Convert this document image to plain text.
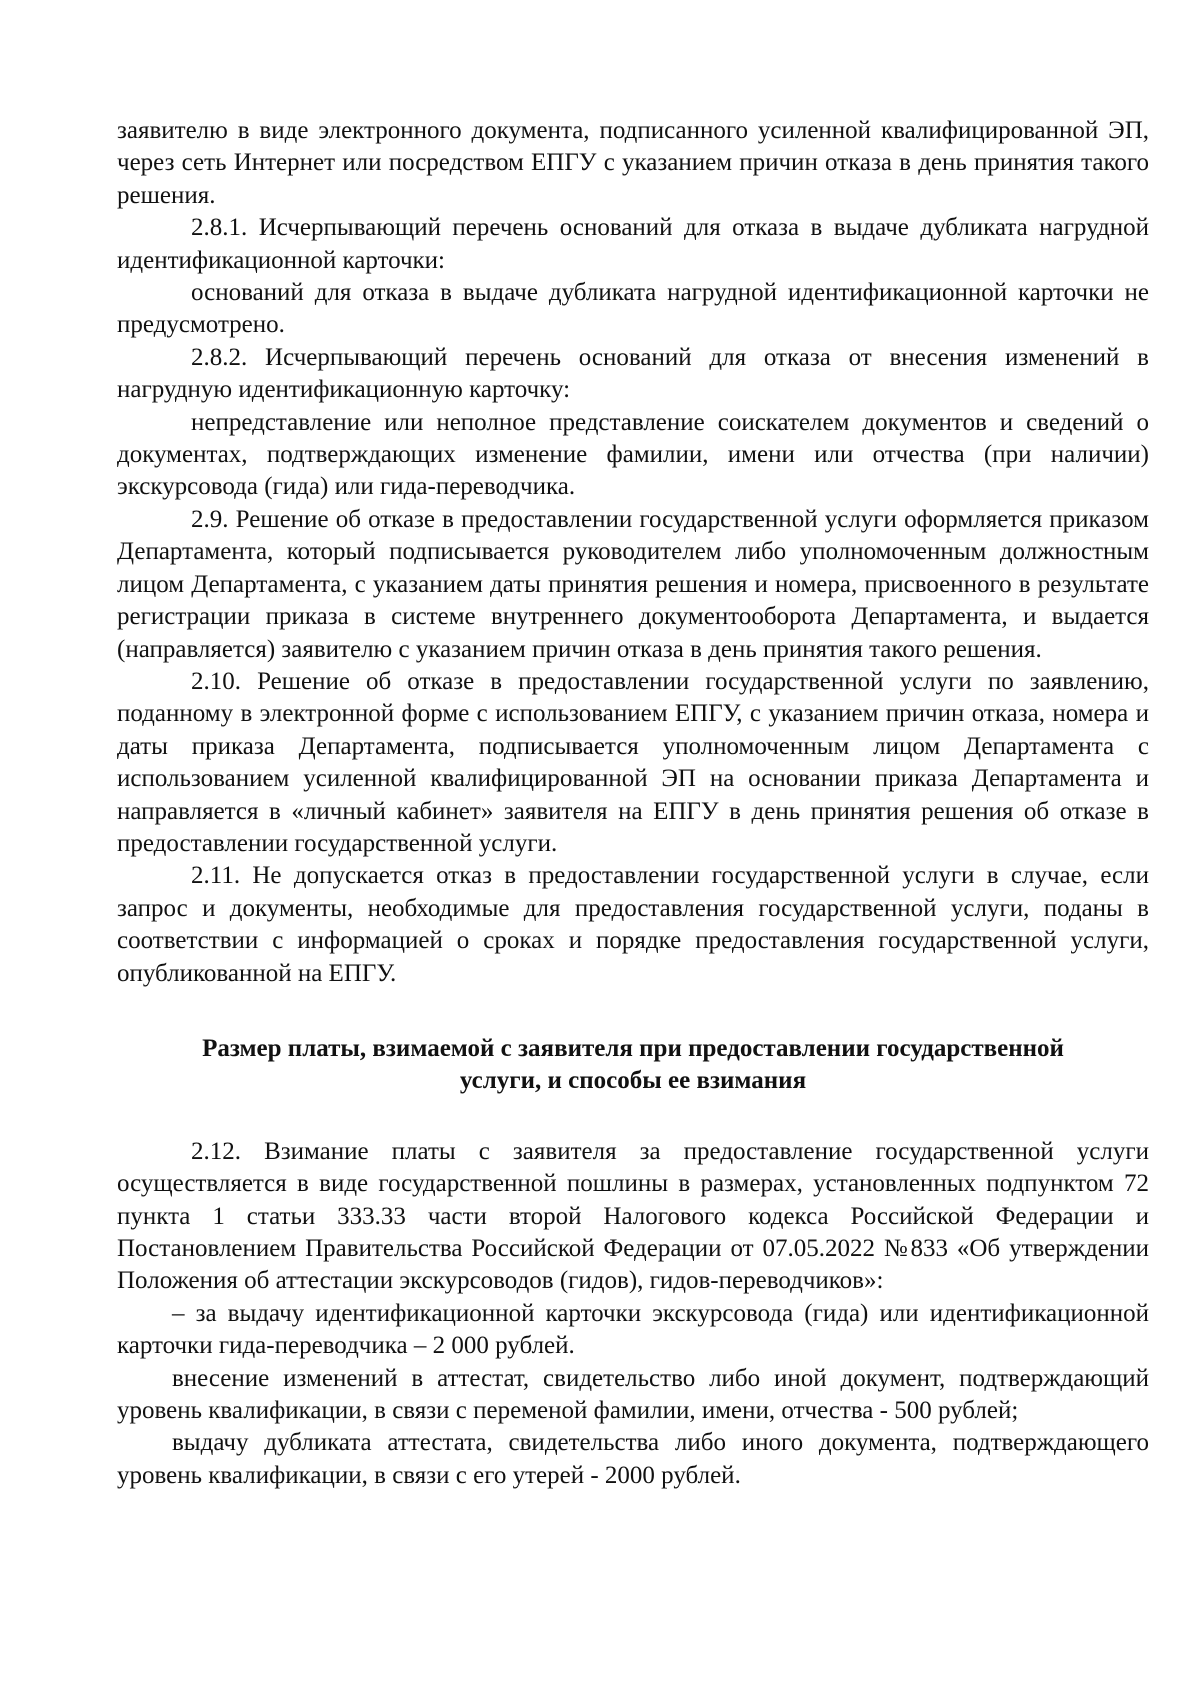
заявителю в виде электронного документа, подписанного усиленной квалифицированной ЭП, через сеть Интернет или посредством ЕПГУ с указанием причин отказа в день принятия такого решения.

2.8.1. Исчерпывающий перечень оснований для отказа в выдаче дубликата нагрудной идентификационной карточки:

оснований для отказа в выдаче дубликата нагрудной идентификационной карточки не предусмотрено.

2.8.2. Исчерпывающий перечень оснований для отказа от внесения изменений в нагрудную идентификационную карточку:

непредставление или неполное представление соискателем документов и сведений о документах, подтверждающих изменение фамилии, имени или отчества (при наличии) экскурсовода (гида) или гида-переводчика.

2.9. Решение об отказе в предоставлении государственной услуги оформляется приказом Департамента, который подписывается руководителем либо уполномоченным должностным лицом Департамента, с указанием даты принятия решения и номера, присвоенного в результате регистрации приказа в системе внутреннего документооборота Департамента, и выдается (направляется) заявителю с указанием причин отказа в день принятия такого решения.

2.10. Решение об отказе в предоставлении государственной услуги по заявлению, поданному в электронной форме с использованием ЕПГУ, с указанием причин отказа, номера и даты приказа Департамента, подписывается уполномоченным лицом Департамента с использованием усиленной квалифицированной ЭП на основании приказа Департамента и направляется в «личный кабинет» заявителя на ЕПГУ в день принятия решения об отказе в предоставлении государственной услуги.

2.11. Не допускается отказ в предоставлении государственной услуги в случае, если запрос и документы, необходимые для предоставления государственной услуги, поданы в соответствии с информацией о сроках и порядке предоставления государственной услуги, опубликованной на ЕПГУ.

Размер платы, взимаемой с заявителя при предоставлении государственной
услуги, и способы ее взимания

2.12. Взимание платы с заявителя за предоставление государственной услуги осуществляется в виде государственной пошлины в размерах, установленных подпунктом 72 пункта 1 статьи 333.33 части второй Налогового кодекса Российской Федерации и Постановлением Правительства Российской Федерации от 07.05.2022 №833 «Об утверждении Положения об аттестации экскурсоводов (гидов), гидов-переводчиков»:

– за выдачу идентификационной карточки экскурсовода (гида) или идентификационной карточки гида-переводчика – 2 000 рублей.

внесение изменений в аттестат, свидетельство либо иной документ, подтверждающий уровень квалификации, в связи с переменой фамилии, имени, отчества - 500 рублей;

выдачу дубликата аттестата, свидетельства либо иного документа, подтверждающего уровень квалификации, в связи с его утерей - 2000 рублей.
